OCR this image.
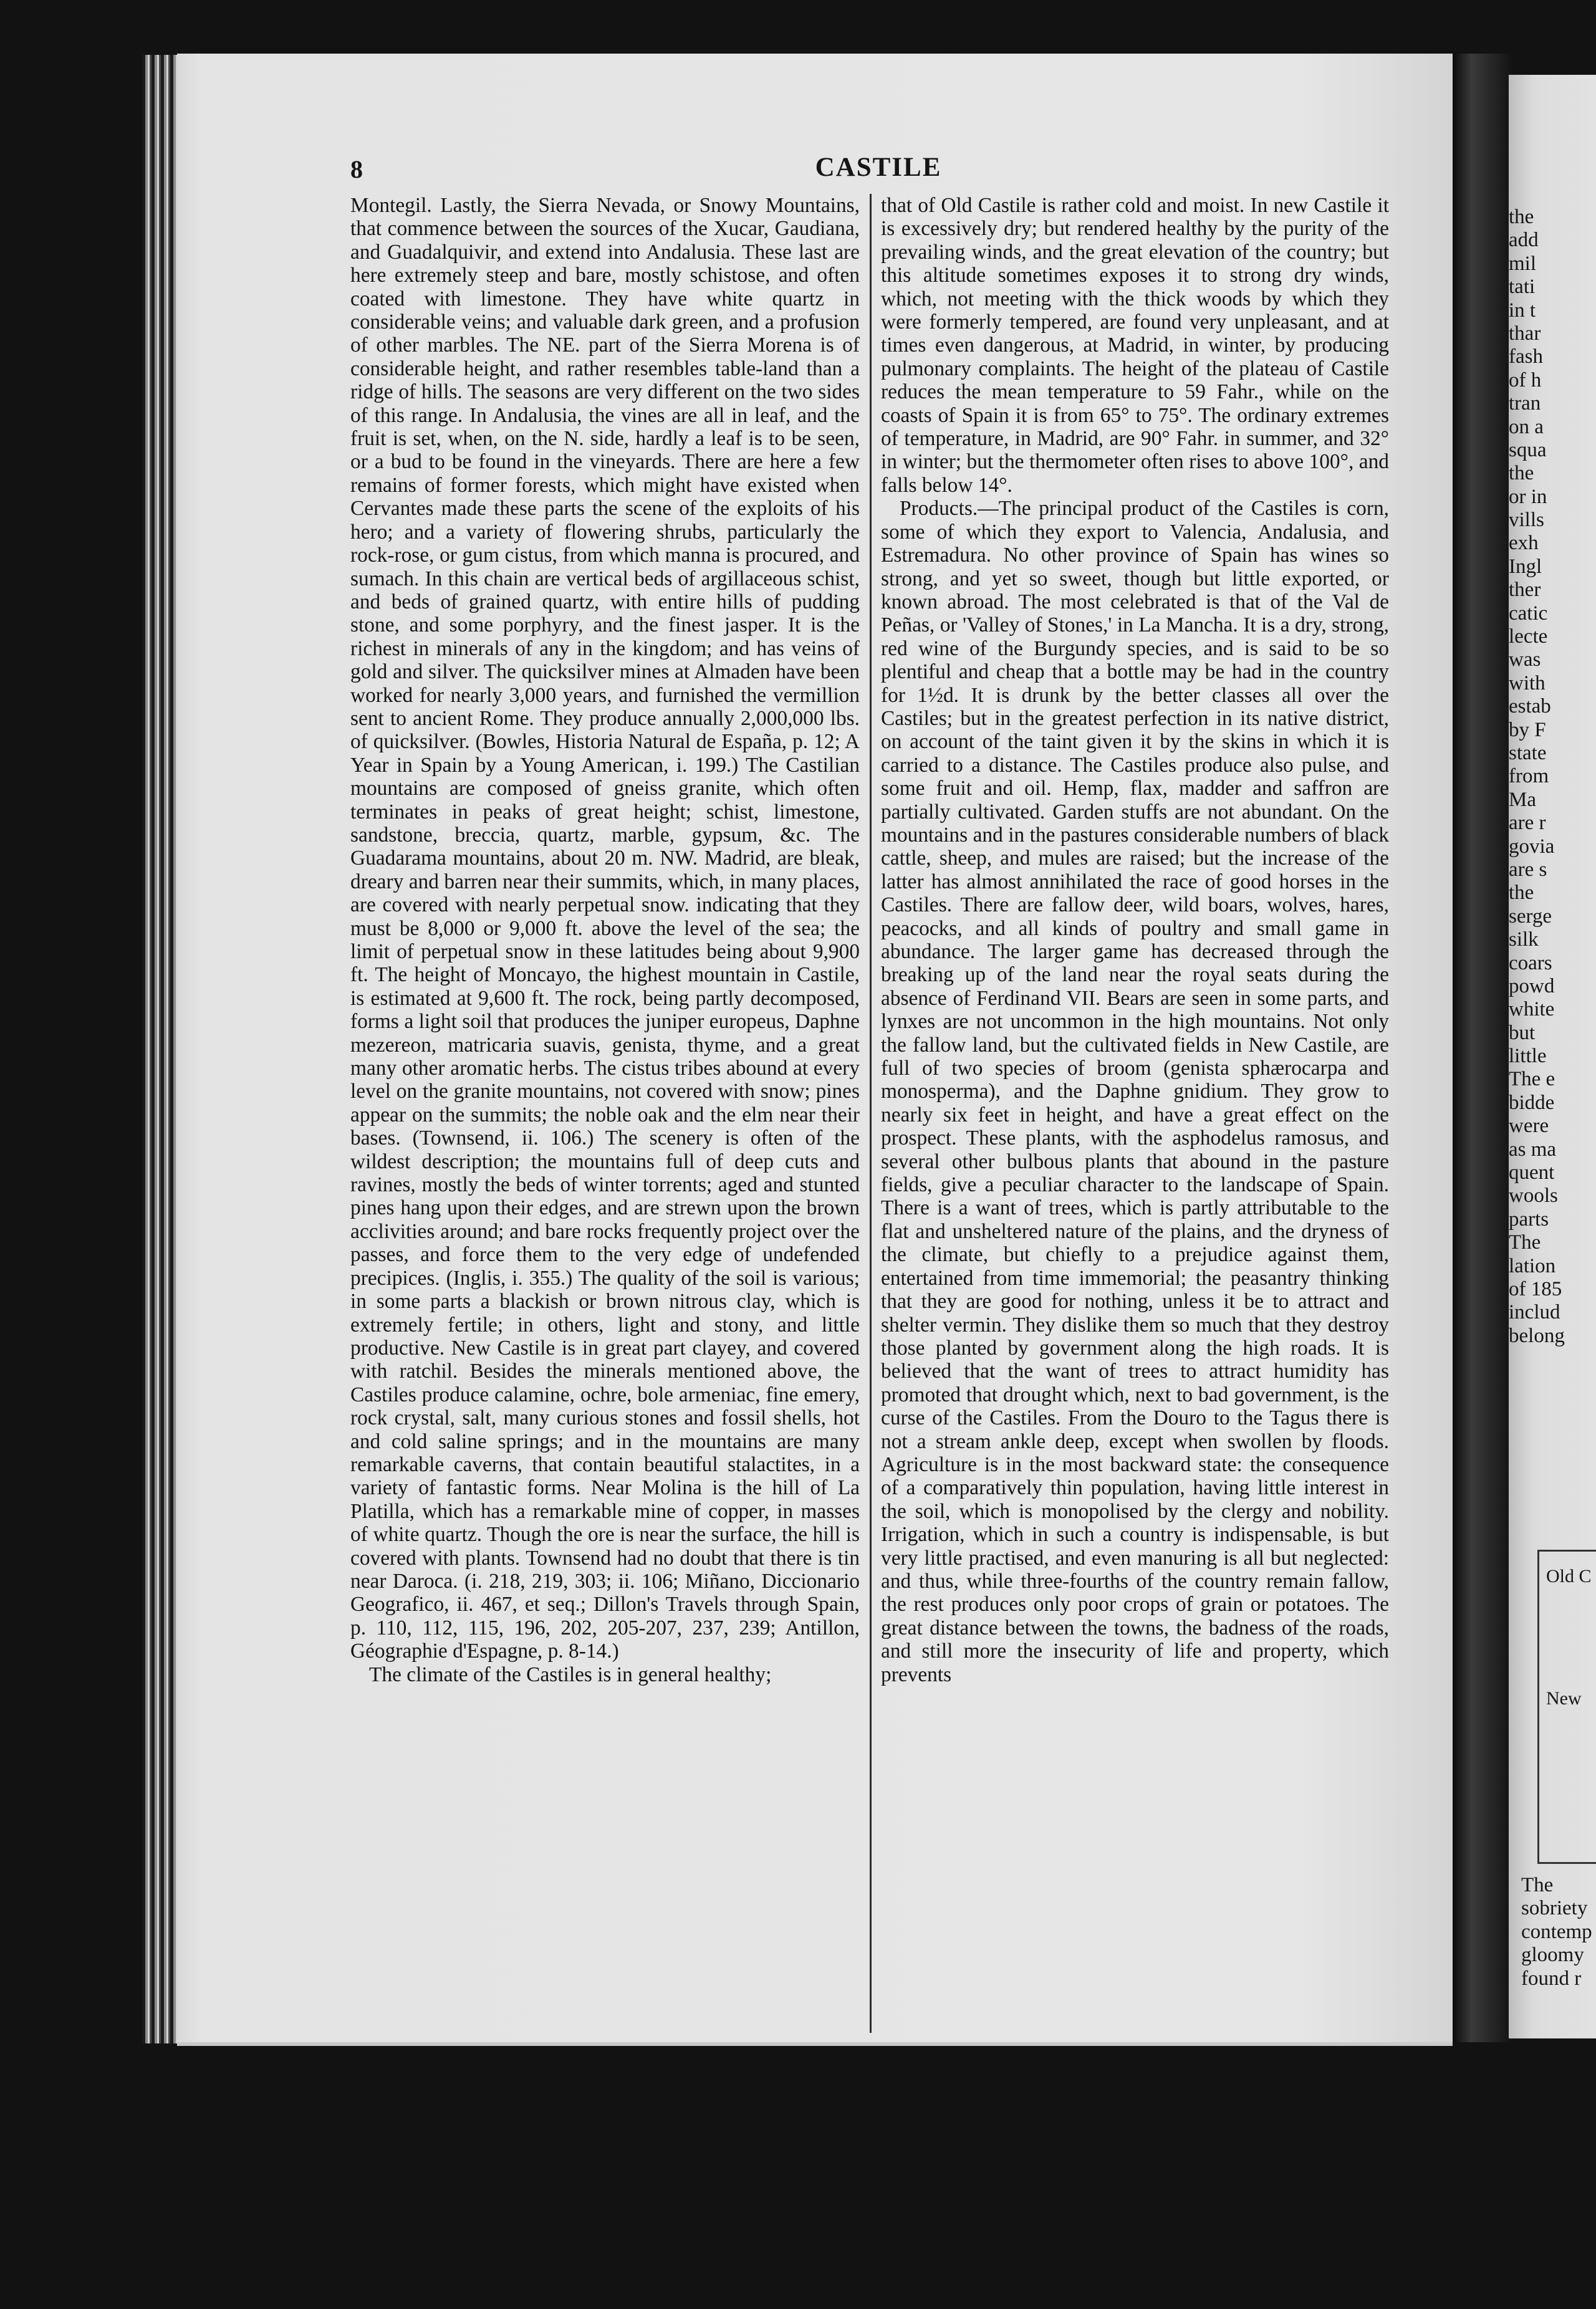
8	CASTILE

Montegil. Lastly, the Sierra Nevada, or Snowy Mountains, that commence between the sources of the Xucar, Gaudiana, and Guadalquivir, and extend into Andalusia. These last are here extremely steep and bare, mostly schistose, and often coated with limestone. They have white quartz in considerable veins; and valuable dark green, and a profusion of other marbles. The NE. part of the Sierra Morena is of considerable height, and rather resembles table-land than a ridge of hills. The seasons are very different on the two sides of this range. In Andalusia, the vines are all in leaf, and the fruit is set, when, on the N. side, hardly a leaf is to be seen, or a bud to be found in the vineyards. There are here a few remains of former forests, which might have existed when Cervantes made these parts the scene of the exploits of his hero; and a variety of flowering shrubs, particularly the rock-rose, or gum cistus, from which manna is procured, and sumach. In this chain are vertical beds of argillaceous schist, and beds of grained quartz, with entire hills of pudding stone, and some porphyry, and the finest jasper. It is the richest in minerals of any in the kingdom; and has veins of gold and silver. The quicksilver mines at Almaden have been worked for nearly 3,000 years, and furnished the vermillion sent to ancient Rome. They produce annually 2,000,000 lbs. of quicksilver. (Bowles, Historia Natural de España, p. 12; A Year in Spain by a Young American, i. 199.) The Castilian mountains are composed of gneiss granite, which often terminates in peaks of great height; schist, limestone, sandstone, breccia, quartz, marble, gypsum, &c. The Guadarama mountains, about 20 m. NW. Madrid, are bleak, dreary and barren near their summits, which, in many places, are covered with nearly perpetual snow. indicating that they must be 8,000 or 9,000 ft. above the level of the sea; the limit of perpetual snow in these latitudes being about 9,900 ft. The height of Moncayo, the highest mountain in Castile, is estimated at 9,600 ft. The rock, being partly decomposed, forms a light soil that produces the juniper europeus, Daphne mezereon, matricaria suavis, genista, thyme, and a great many other aromatic herbs. The cistus tribes abound at every level on the granite mountains, not covered with snow; pines appear on the summits; the noble oak and the elm near their bases. (Townsend, ii. 106.) The scenery is often of the wildest description; the mountains full of deep cuts and ravines, mostly the beds of winter torrents; aged and stunted pines hang upon their edges, and are strewn upon the brown acclivities around; and bare rocks frequently project over the passes, and force them to the very edge of undefended precipices. (Inglis, i. 355.) The quality of the soil is various; in some parts a blackish or brown nitrous clay, which is extremely fertile; in others, light and stony, and little productive. New Castile is in great part clayey, and covered with ratchil. Besides the minerals mentioned above, the Castiles produce calamine, ochre, bole armeniac, fine emery, rock crystal, salt, many curious stones and fossil shells, hot and cold saline springs; and in the mountains are many remarkable caverns, that contain beautiful stalactites, in a variety of fantastic forms. Near Molina is the hill of La Platilla, which has a remarkable mine of copper, in masses of white quartz. Though the ore is near the surface, the hill is covered with plants. Townsend had no doubt that there is tin near Daroca. (i. 218, 219, 303; ii. 106; Miñano, Diccionario Geografico, ii. 467, et seq.; Dillon's Travels through Spain, p. 110, 112, 115, 196, 202, 205-207, 237, 239; Antillon, Géographie d'Espagne, p. 8-14.)

The climate of the Castiles is in general healthy;

that of Old Castile is rather cold and moist. In new Castile it is excessively dry; but rendered healthy by the purity of the prevailing winds, and the great elevation of the country; but this altitude sometimes exposes it to strong dry winds, which, not meeting with the thick woods by which they were formerly tempered, are found very unpleasant, and at times even dangerous, at Madrid, in winter, by producing pulmonary complaints. The height of the plateau of Castile reduces the mean temperature to 59 Fahr., while on the coasts of Spain it is from 65° to 75°. The ordinary extremes of temperature, in Madrid, are 90° Fahr. in summer, and 32° in winter; but the thermometer often rises to above 100°, and falls below 14°.

Products.—The principal product of the Castiles is corn, some of which they export to Valencia, Andalusia, and Estremadura. No other province of Spain has wines so strong, and yet so sweet, though but little exported, or known abroad. The most celebrated is that of the Val de Peñas, or 'Valley of Stones,' in La Mancha. It is a dry, strong, red wine of the Burgundy species, and is said to be so plentiful and cheap that a bottle may be had in the country for 1½d. It is drunk by the better classes all over the Castiles; but in the greatest perfection in its native district, on account of the taint given it by the skins in which it is carried to a distance. The Castiles produce also pulse, and some fruit and oil. Hemp, flax, madder and saffron are partially cultivated. Garden stuffs are not abundant. On the mountains and in the pastures considerable numbers of black cattle, sheep, and mules are raised; but the increase of the latter has almost annihilated the race of good horses in the Castiles. There are fallow deer, wild boars, wolves, hares, peacocks, and all kinds of poultry and small game in abundance. The larger game has decreased through the breaking up of the land near the royal seats during the absence of Ferdinand VII. Bears are seen in some parts, and lynxes are not uncommon in the high mountains. Not only the fallow land, but the cultivated fields in New Castile, are full of two species of broom (genista sphærocarpa and monosperma), and the Daphne gnidium. They grow to nearly six feet in height, and have a great effect on the prospect. These plants, with the asphodelus ramosus, and several other bulbous plants that abound in the pasture fields, give a peculiar character to the landscape of Spain. There is a want of trees, which is partly attributable to the flat and unsheltered nature of the plains, and the dryness of the climate, but chiefly to a prejudice against them, entertained from time immemorial; the peasantry thinking that they are good for nothing, unless it be to attract and shelter vermin. They dislike them so much that they destroy those planted by government along the high roads. It is believed that the want of trees to attract humidity has promoted that drought which, next to bad government, is the curse of the Castiles. From the Douro to the Tagus there is not a stream ankle deep, except when swollen by floods. Agriculture is in the most backward state: the consequence of a comparatively thin population, having little interest in the soil, which is monopolised by the clergy and nobility. Irrigation, which in such a country is indispensable, is but very little practised, and even manuring is all but neglected: and thus, while three-fourths of the country remain fallow, the rest produces only poor crops of grain or potatoes. The great distance between the towns, the badness of the roads, and still more the insecurity of life and property, which prevents

the
add
mil
tati
in t
thar
fash
of h
tran
on a
squa
the
or in
vills
exh
Ingl
ther
catic
lecte
was
with
estab
by F
state
from
Ma
are r
govia
are s
the
serge
silk
coars
powd
white
but
little
The e
bidde
were
as ma
quent
wools
parts
The
lation
of 185
includ
belong
New
Old C
The
sobriety
contemp
gloomy
found r
